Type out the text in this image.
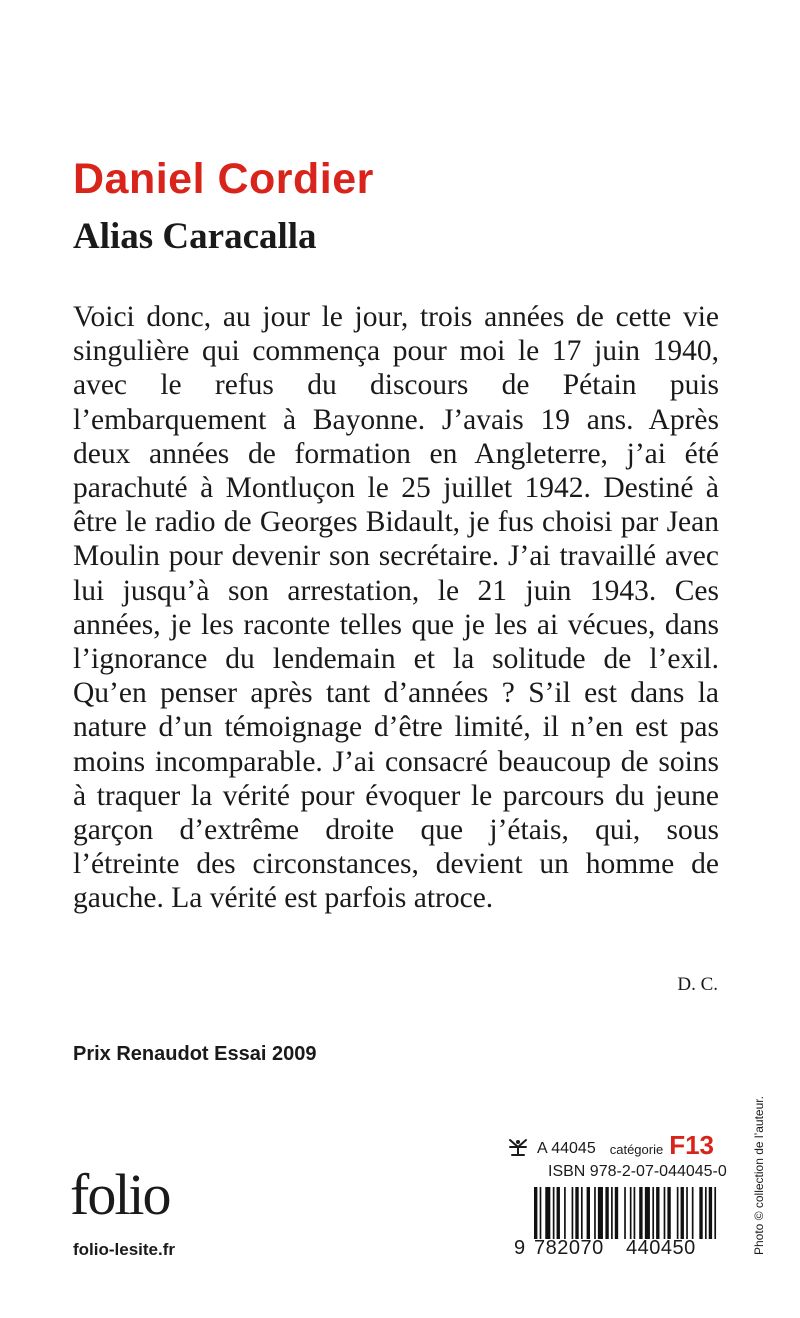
Daniel Cordier
Alias Caracalla

Voici donc, au jour le jour, trois années de cette vie singulière qui commença pour moi le 17 juin 1940, avec le refus du discours de Pétain puis l’embarquement à Bayonne. J’avais 19 ans. Après deux années de formation en Angleterre, j’ai été parachuté à Montluçon le 25 juillet 1942. Destiné à être le radio de Georges Bidault, je fus choisi par Jean Moulin pour devenir son secrétaire. J’ai travaillé avec lui jusqu’à son arrestation, le 21 juin 1943. Ces années, je les raconte telles que je les ai vécues, dans l’ignorance du lendemain et la solitude de l’exil. Qu’en penser après tant d’années ? S’il est dans la nature d’un témoignage d’être limité, il n’en est pas moins incomparable. J’ai consacré beaucoup de soins à traquer la vérité pour évoquer le parcours du jeune garçon d’extrême droite que j’étais, qui, sous l’étreinte des circonstances, devient un homme de gauche. La vérité est parfois atroce.

D. C.

Prix Renaudot Essai 2009

folio
folio-lesite.fr
A 44045 catégorie F13

ISBN 978-2-07-044045-0

9 782070	440450	Photo © collection de l’auteur.
